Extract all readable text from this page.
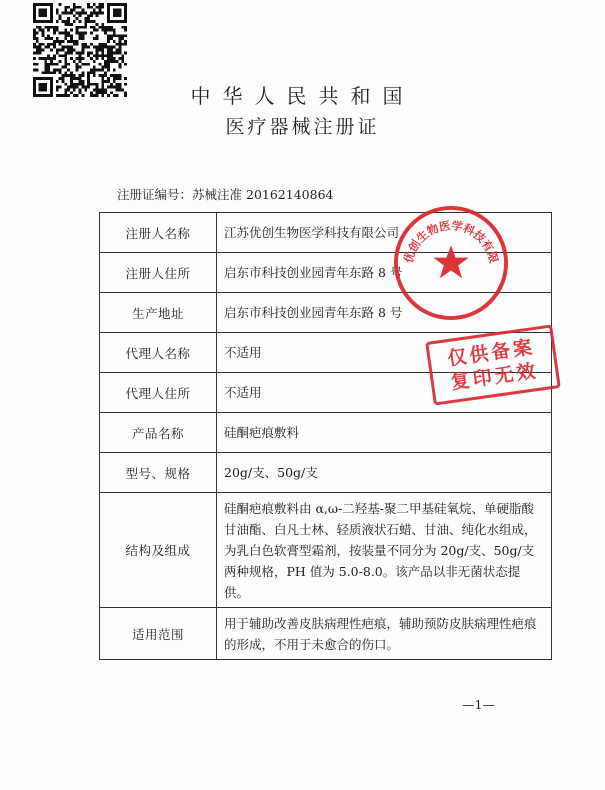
中华人民共和国
医疗器械注册证
注册证编号：苏械注准 20162140864
注册人名称	江苏优创生物医学科技有限公司
注册人住所	启东市科技创业园青年东路 8 号
生产地址	启东市科技创业园青年东路 8 号
代理人名称	不适用
代理人住所	不适用
产品名称	硅酮疤痕敷料
型号、规格	20g/支、50g/支
结构及组成	硅酮疤痕敷料由 α,ω-二羟基-聚二甲基硅氧烷、单硬脂酸甘油酯、白凡士林、轻质液状石蜡、甘油、纯化水组成，为乳白色软膏型霜剂，按装量不同分为 20g/支、50g/支两种规格，PH 值为 5.0-8.0。该产品以非无菌状态提供。
适用范围	用于辅助改善皮肤病理性疤痕，辅助预防皮肤病理性疤痕的形成，不用于未愈合的伤口。
江苏优创生物医学科技有限公司
仅供备案
复印无效
—1—
